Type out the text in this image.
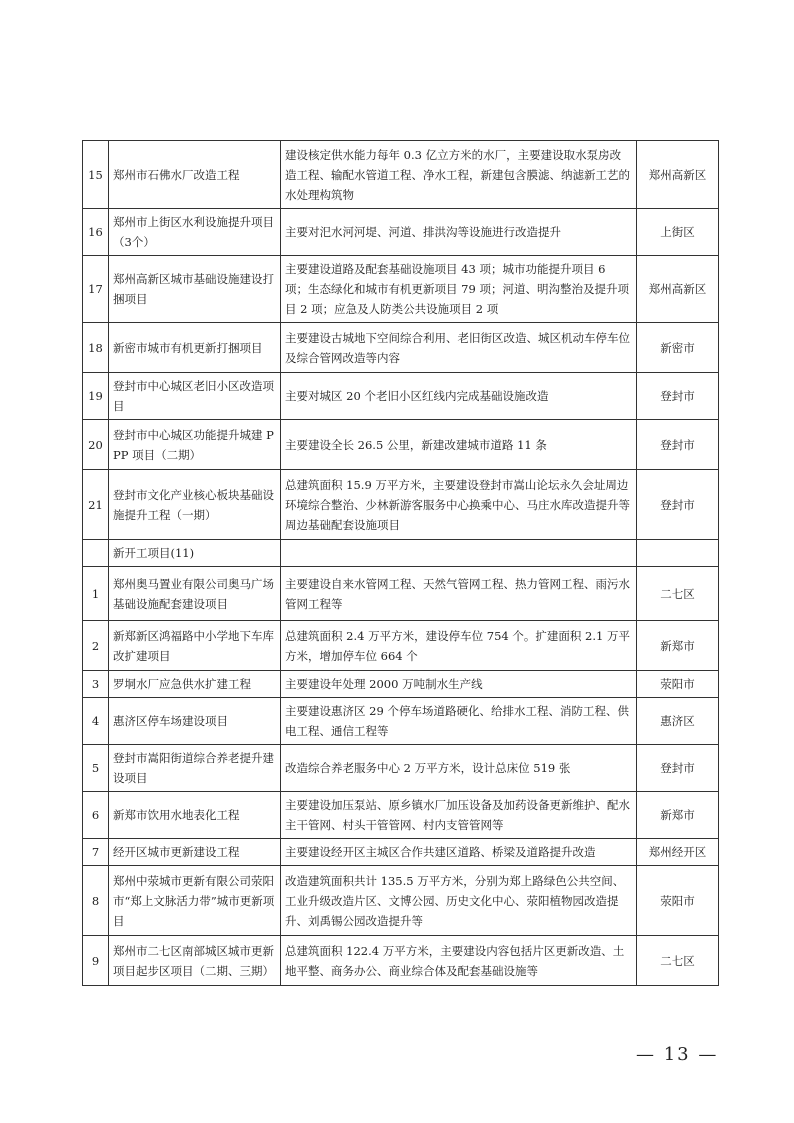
15	郑州市石佛水厂改造工程	建设核定供水能力每年 0.3 亿立方米的水厂，主要建设取水泵房改造工程、输配水管道工程、净水工程，新建包含膜滤、纳滤新工艺的水处理构筑物	郑州高新区
16	郑州市上街区水利设施提升项目（3个）	主要对汜水河河堤、河道、排洪沟等设施进行改造提升	上街区
17	郑州高新区城市基础设施建设打捆项目	主要建设道路及配套基础设施项目 43 项；城市功能提升项目 6 项；生态绿化和城市有机更新项目 79 项；河道、明沟整治及提升项目 2 项；应急及人防类公共设施项目 2 项	郑州高新区
18	新密市城市有机更新打捆项目	主要建设古城地下空间综合利用、老旧街区改造、城区机动车停车位及综合管网改造等内容	新密市
19	登封市中心城区老旧小区改造项目	主要对城区 20 个老旧小区红线内完成基础设施改造	登封市
20	登封市中心城区功能提升城建 PPP 项目（二期）	主要建设全长 26.5 公里，新建改建城市道路 11 条	登封市
21	登封市文化产业核心板块基础设施提升工程（一期）	总建筑面积 15.9 万平方米，主要建设登封市嵩山论坛永久会址周边环境综合整治、少林新游客服务中心换乘中心、马庄水库改造提升等周边基础配套设施项目	登封市
	新开工项目(11)		
1	郑州奥马置业有限公司奥马广场基础设施配套建设项目	主要建设自来水管网工程、天然气管网工程、热力管网工程、雨污水管网工程等	二七区
2	新郑新区鸿福路中小学地下车库改扩建项目	总建筑面积 2.4 万平方米，建设停车位 754 个。扩建面积 2.1 万平方米，增加停车位 664 个	新郑市
3	罗垌水厂应急供水扩建工程	主要建设年处理 2000 万吨制水生产线	荥阳市
4	惠济区停车场建设项目	主要建设惠济区 29 个停车场道路硬化、给排水工程、消防工程、供电工程、通信工程等	惠济区
5	登封市嵩阳街道综合养老提升建设项目	改造综合养老服务中心 2 万平方米，设计总床位 519 张	登封市
6	新郑市饮用水地表化工程	主要建设加压泵站、原乡镇水厂加压设备及加药设备更新维护、配水主干管网、村头干管管网、村内支管管网等	新郑市
7	经开区城市更新建设工程	主要建设经开区主城区合作共建区道路、桥梁及道路提升改造	郑州经开区
8	郑州中荥城市更新有限公司荥阳市“郑上文脉活力带”城市更新项目	改造建筑面积共计 135.5 万平方米，分别为郑上路绿色公共空间、工业升级改造片区、文博公园、历史文化中心、荥阳植物园改造提升、刘禹锡公园改造提升等	荥阳市
9	郑州市二七区南部城区城市更新项目起步区项目（二期、三期）	总建筑面积 122.4 万平方米，主要建设内容包括片区更新改造、土地平整、商务办公、商业综合体及配套基础设施等	二七区
— 13 —
